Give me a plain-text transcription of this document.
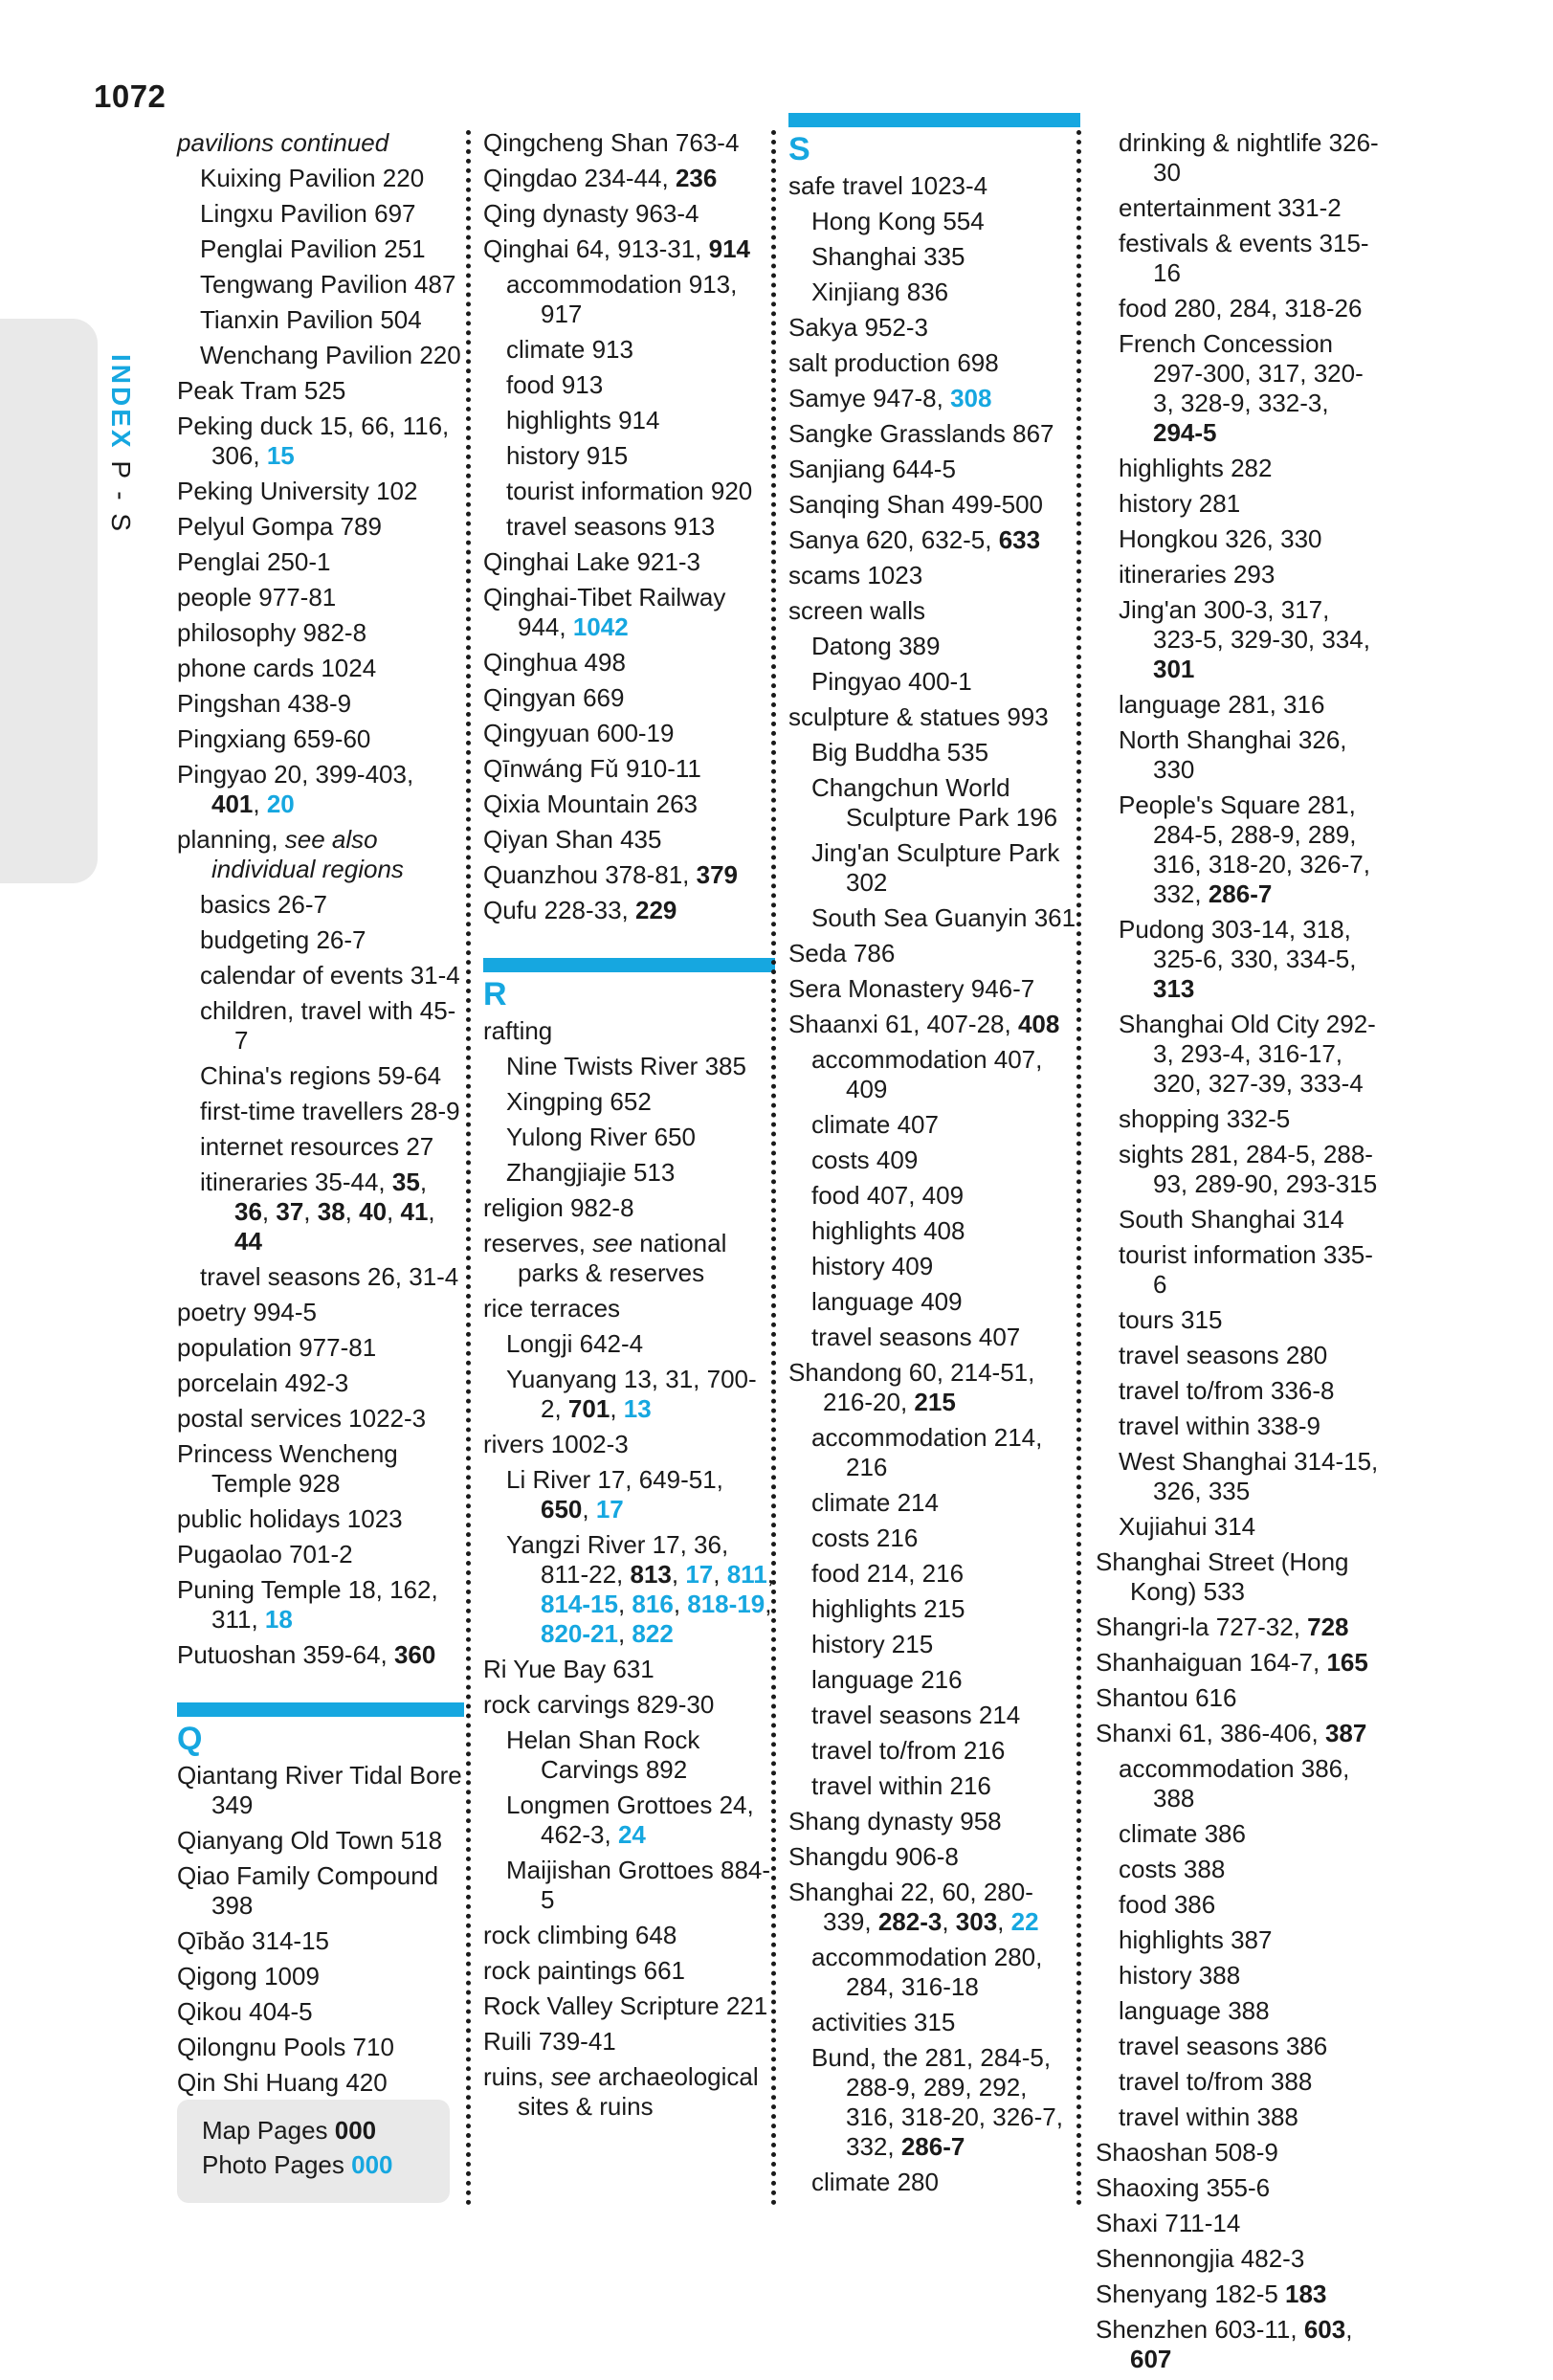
1072
INDEX P - S
pavilions continued
Kuixing Pavilion 220
Lingxu Pavilion 697
Penglai Pavilion 251
Tengwang Pavilion 487
Tianxin Pavilion 504
Wenchang Pavilion 220
Peak Tram 525
Peking duck 15, 66, 116, 306, 15
Peking University 102
Pelyul Gompa 789
Penglai 250-1
people 977-81
philosophy 982-8
phone cards 1024
Pingshan 438-9
Pingxiang 659-60
Pingyao 20, 399-403, 401, 20
planning, see also individual regions
basics 26-7
budgeting 26-7
calendar of events 31-4
children, travel with 45-7
China's regions 59-64
first-time travellers 28-9
internet resources 27
itineraries 35-44, 35, 36, 37, 38, 40, 41, 44
travel seasons 26, 31-4
poetry 994-5
population 977-81
porcelain 492-3
postal services 1022-3
Princess Wencheng Temple 928
public holidays 1023
Pugaolao 701-2
Puning Temple 18, 162, 311, 18
Putuoshan 359-64, 360
Q
Qiantang River Tidal Bore 349
Qianyang Old Town 518
Qiao Family Compound 398
Qībǎo 314-15
Qigong 1009
Qikou 404-5
Qilongnu Pools 710
Qin Shi Huang 420
Qingcheng Shan 763-4
Qingdao 234-44, 236
Qing dynasty 963-4
Qinghai 64, 913-31, 914
accommodation 913, 917
climate 913
food 913
highlights 914
history 915
tourist information 920
travel seasons 913
Qinghai Lake 921-3
Qinghai-Tibet Railway 944, 1042
Qinghua 498
Qingyan 669
Qingyuan 600-19
Qīnwáng Fǔ 910-11
Qixia Mountain 263
Qiyan Shan 435
Quanzhou 378-81, 379
Qufu 228-33, 229
R
rafting
Nine Twists River 385
Xingping 652
Yulong River 650
Zhangjiajie 513
religion 982-8
reserves, see national parks & reserves
rice terraces
Longji 642-4
Yuanyang 13, 31, 700-2, 701, 13
rivers 1002-3
Li River 17, 649-51, 650, 17
Yangzi River 17, 36, 811-22, 813, 17, 811, 814-15, 816, 818-19, 820-21, 822
Ri Yue Bay 631
rock carvings 829-30
Helan Shan Rock Carvings 892
Longmen Grottoes 24, 462-3, 24
Maijishan Grottoes 884-5
rock climbing 648
rock paintings 661
Rock Valley Scripture 221
Ruili 739-41
ruins, see archaeological sites & ruins
S
safe travel 1023-4
Hong Kong 554
Shanghai 335
Xinjiang 836
Sakya 952-3
salt production 698
Samye 947-8, 308
Sangke Grasslands 867
Sanjiang 644-5
Sanqing Shan 499-500
Sanya 620, 632-5, 633
scams 1023
screen walls
Datong 389
Pingyao 400-1
sculpture & statues 993
Big Buddha 535
Changchun World Sculpture Park 196
Jing'an Sculpture Park 302
South Sea Guanyin 361
Seda 786
Sera Monastery 946-7
Shaanxi 61, 407-28, 408
accommodation 407, 409
climate 407
costs 409
food 407, 409
highlights 408
history 409
language 409
travel seasons 407
Shandong 60, 214-51, 216-20, 215
accommodation 214, 216
climate 214
costs 216
food 214, 216
highlights 215
history 215
language 216
travel seasons 214
travel to/from 216
travel within 216
Shang dynasty 958
Shangdu 906-8
Shanghai 22, 60, 280-339, 282-3, 303, 22
accommodation 280, 284, 316-18
activities 315
Bund, the 281, 284-5, 288-9, 289, 292, 316, 318-20, 326-7, 332, 286-7
climate 280
drinking & nightlife 326-30
entertainment 331-2
festivals & events 315-16
food 280, 284, 318-26
French Concession 297-300, 317, 320-3, 328-9, 332-3, 294-5
highlights 282
history 281
Hongkou 326, 330
itineraries 293
Jing'an 300-3, 317, 323-5, 329-30, 334, 301
language 281, 316
North Shanghai 326, 330
People's Square 281, 284-5, 288-9, 289, 316, 318-20, 326-7, 332, 286-7
Pudong 303-14, 318, 325-6, 330, 334-5, 313
Shanghai Old City 292-3, 293-4, 316-17, 320, 327-39, 333-4
shopping 332-5
sights 281, 284-5, 288-93, 289-90, 293-315
South Shanghai 314
tourist information 335-6
tours 315
travel seasons 280
travel to/from 336-8
travel within 338-9
West Shanghai 314-15, 326, 335
Xujiahui 314
Shanghai Street (Hong Kong) 533
Shangri-la 727-32, 728
Shanhaiguan 164-7, 165
Shantou 616
Shanxi 61, 386-406, 387
accommodation 386, 388
climate 386
costs 388
food 386
highlights 387
history 388
language 388
travel seasons 386
travel to/from 388
travel within 388
Shaoshan 508-9
Shaoxing 355-6
Shaxi 711-14
Shennongjia 482-3
Shenyang 182-5 183
Shenzhen 603-11, 603, 607
Map Pages 000
Photo Pages 000
